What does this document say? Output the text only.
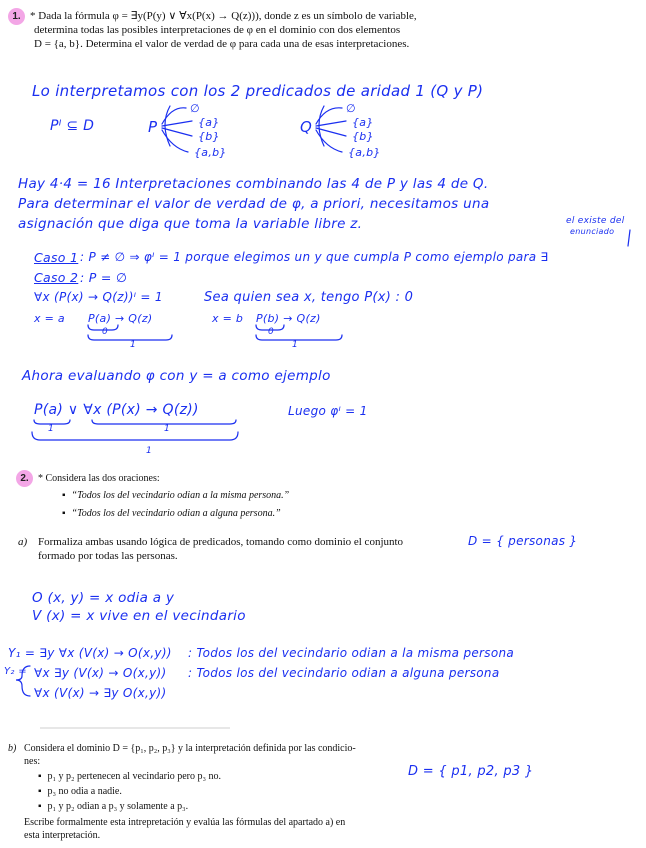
1. * Dada la fórmula φ = ∃y(P(y) ∨ ∀x(P(x) → Q(z))), donde z es un símbolo de variable,
determina todas las posibles interpretaciones de φ en el dominio con dos elementos
D = {a, b}. Determina el valor de verdad de φ para cada una de esas interpretaciones.
Lo interpretamos con los 2 predicados de aridad 1 (Q y P)
Pᴵ ⊆ D	P
∅
{a}
{b}
{a,b}
Q
∅
{a}
{b}
{a,b}
Hay 4·4 = 16 Interpretaciones combinando las 4 de P y las 4 de Q.
Para determinar el valor de verdad de φ, a priori, necesitamos una
asignación que diga que toma la variable libre z.	el existe del
enunciado
Caso 1 : P ≠ ∅ ⇒ φᴵ = 1 porque elegimos un y que cumpla P como ejemplo para ∃
Caso 2 : P = ∅
∀x (P(x) → Q(z))ᴵ = 1	Sea quien sea x, tengo P(x) : 0
x = a P(a) → Q(z)	x = b P(b) → Q(z)
0	0
1	1
Ahora evaluando φ con y = a como ejemplo
P(a) ∨ ∀x (P(x) → Q(z))	Luego φᴵ = 1
1	1
1
2. * Considera las dos oraciones:
▪ “Todos los del vecindario odian a la misma persona.”
▪ “Todos los del vecindario odian a alguna persona.”
a) Formaliza ambas usando lógica de predicados, tomando como dominio el conjunto
formado por todas las personas.
D = { personas }
O (x, y) = x odia a y
V (x) = x vive en el vecindario
Y₁ = ∃y ∀x (V(x) → O(x,y)) : Todos los del vecindario odian a la misma persona
Y₂ = ∀x ∃y (V(x) → O(x,y)) : Todos los del vecindario odian a alguna persona
∀x (V(x) → ∃y O(x,y))
b) Considera el dominio D = {p₁, p₂, p₃} y la interpretación definida por las condicio-
nes:
▪ p₁ y p₂ pertenecen al vecindario pero p₃ no.
▪ p₃ no odia a nadie.
▪ p₁ y p₂ odian a p₃ y solamente a p₃.
Escribe formalmente esta intrepretación y evalúa las fórmulas del apartado a) en
esta interpretación.
D = { p1, p2, p3 }
